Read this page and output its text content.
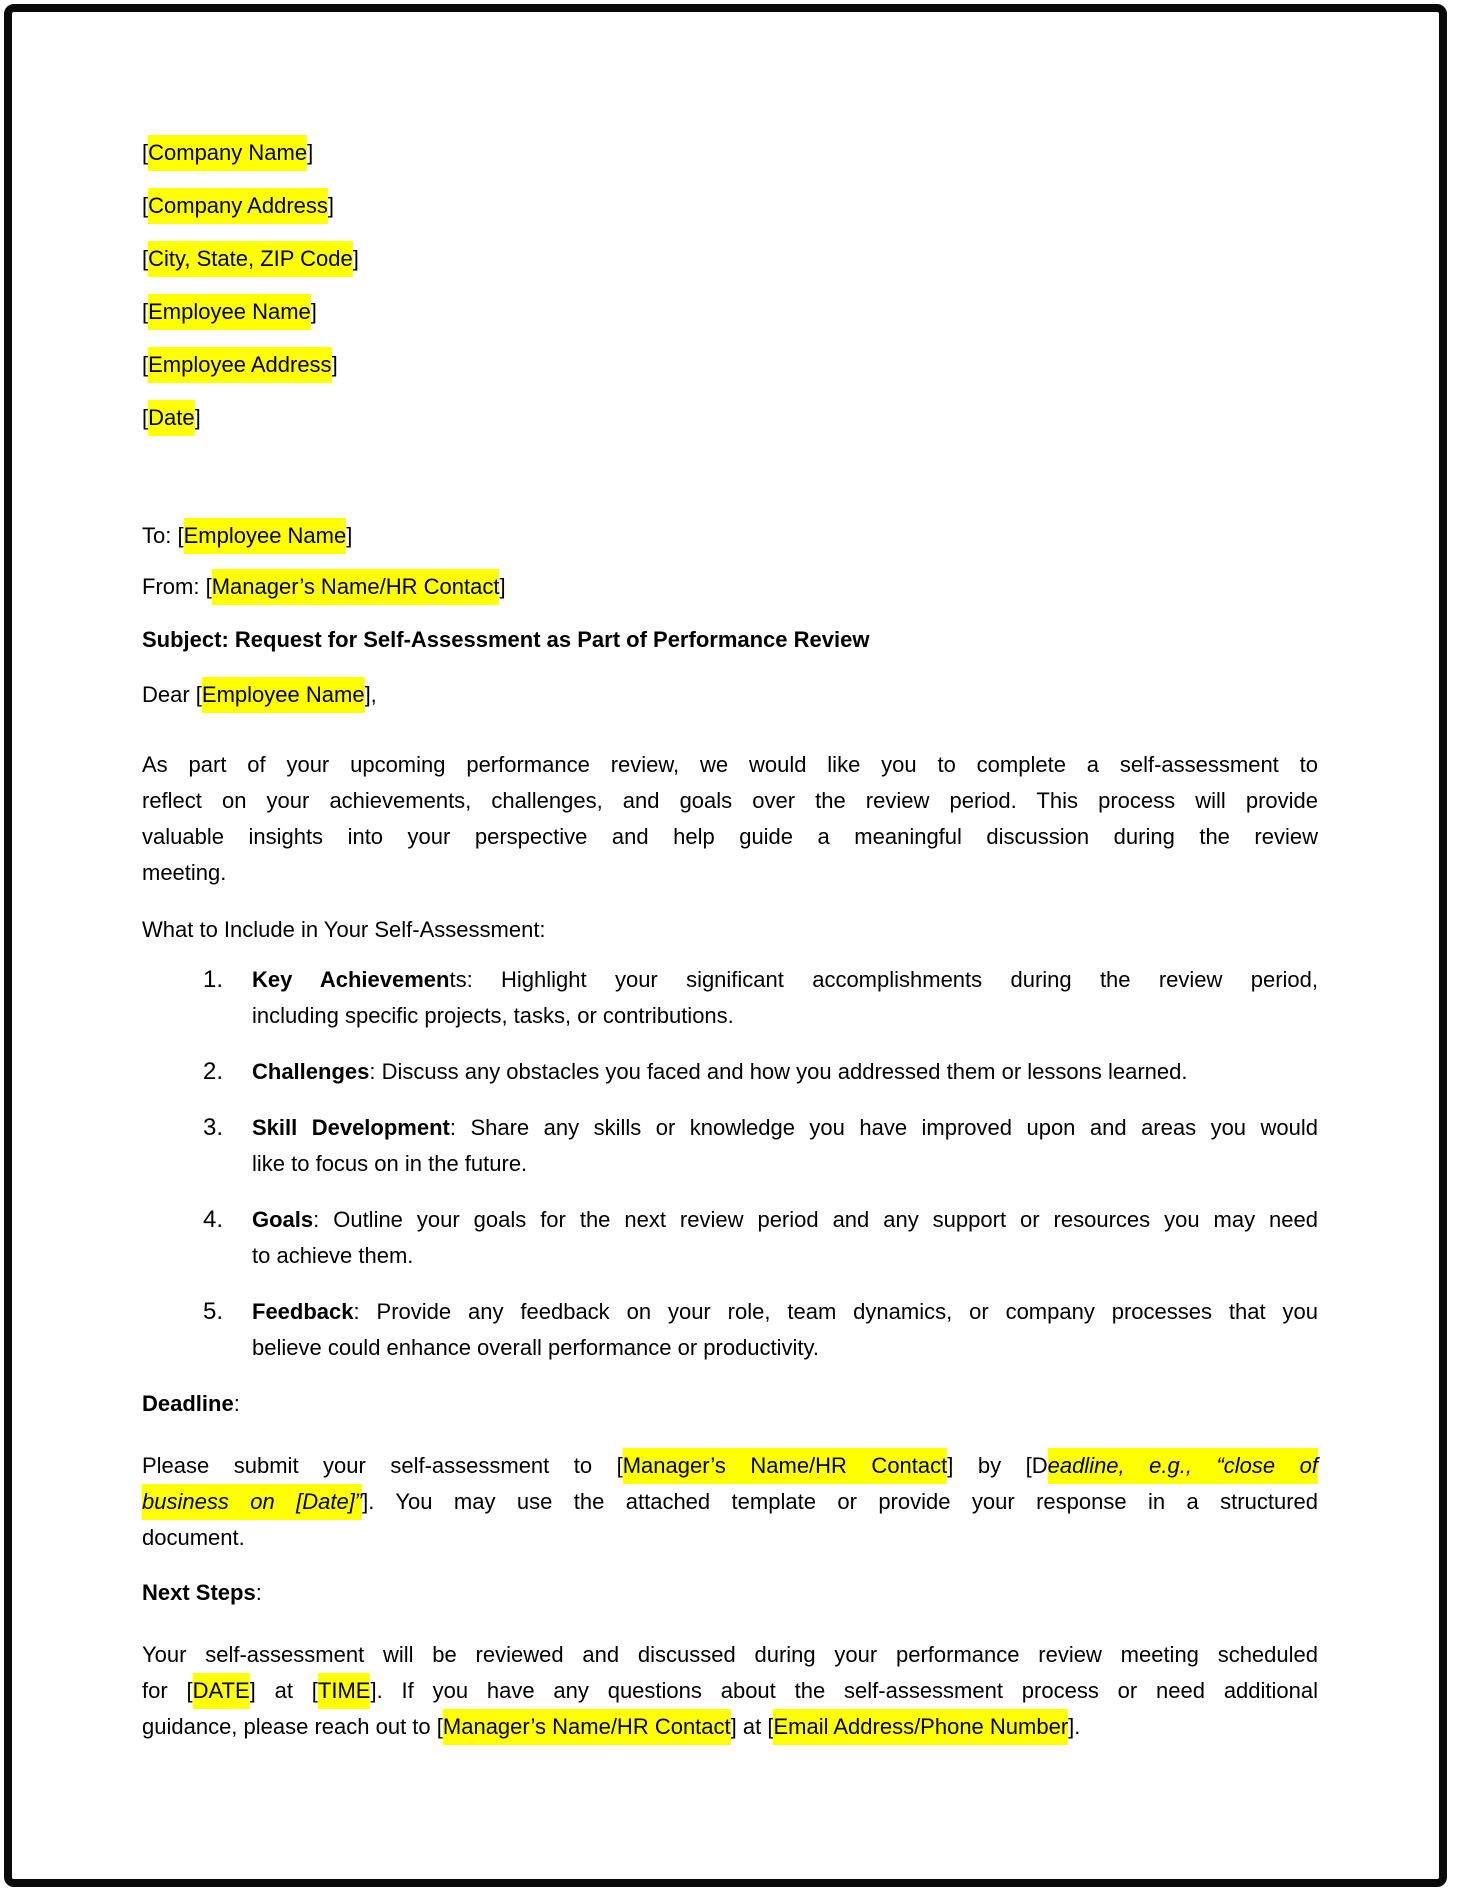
[Company Name]

[Company Address]

[City, State, ZIP Code]

[Employee Name]

[Employee Address]

[Date]

To: [Employee Name]

From: [Manager’s Name/HR Contact]

Subject: Request for Self-Assessment as Part of Performance Review

Dear [Employee Name],

As part of your upcoming performance review, we would like you to complete a self-assessment to
reflect on your achievements, challenges, and goals over the review period. This process will provide
valuable insights into your perspective and help guide a meaningful discussion during the review
meeting.

What to Include in Your Self-Assessment:

1.	Key Achievements: Highlight your significant accomplishments during the review period,
including specific projects, tasks, or contributions.
2.	Challenges: Discuss any obstacles you faced and how you addressed them or lessons learned.
3.	Skill Development: Share any skills or knowledge you have improved upon and areas you would
like to focus on in the future.
4.	Goals: Outline your goals for the next review period and any support or resources you may need
to achieve them.
5.	Feedback: Provide any feedback on your role, team dynamics, or company processes that you
believe could enhance overall performance or productivity.

Deadline:

Please submit your self-assessment to [Manager’s Name/HR Contact] by [Deadline, e.g., “close of
business on [Date]”]. You may use the attached template or provide your response in a structured
document.

Next Steps:

Your self-assessment will be reviewed and discussed during your performance review meeting scheduled
for [DATE] at [TIME]. If you have any questions about the self-assessment process or need additional
guidance, please reach out to [Manager’s Name/HR Contact] at [Email Address/Phone Number].
